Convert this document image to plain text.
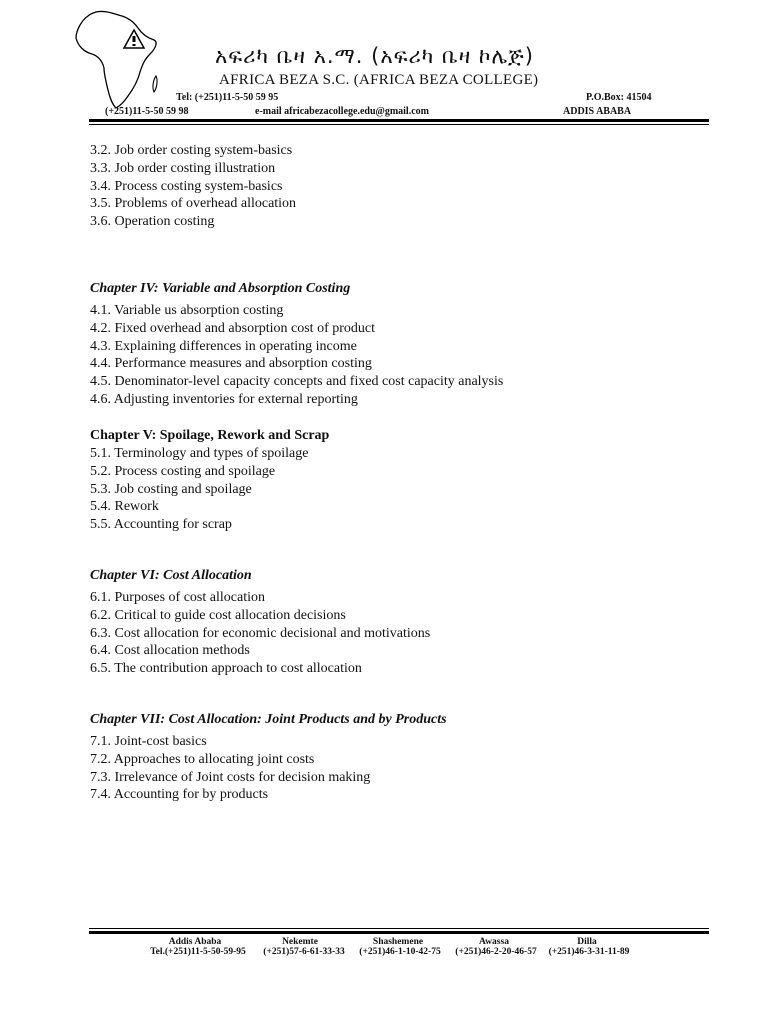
አፍሪካ ቤዛ አ.ማ. (አፍሪካ ቤዛ ኮሌጅ)
AFRICA BEZA S.C. (AFRICA BEZA COLLEGE)
Tel: (+251)11-5-50 59 95	P.O.Box: 41504
(+251)11-5-50 59 98	e-mail africabezacollege.edu@gmail.com	ADDIS ABABA
3.2. Job order costing system-basics
3.3. Job order costing illustration
3.4. Process costing system-basics
3.5. Problems of overhead allocation
3.6. Operation costing
Chapter IV: Variable and Absorption Costing
4.1. Variable us absorption costing
4.2. Fixed overhead and absorption cost of product
4.3. Explaining differences in operating income
4.4. Performance measures and absorption costing
4.5. Denominator-level capacity concepts and fixed cost capacity analysis
4.6. Adjusting inventories for external reporting
Chapter V: Spoilage, Rework and Scrap
5.1. Terminology and types of spoilage
5.2. Process costing and spoilage
5.3. Job costing and spoilage
5.4. Rework
5.5. Accounting for scrap
Chapter VI: Cost Allocation
6.1. Purposes of cost allocation
6.2. Critical to guide cost allocation decisions
6.3. Cost allocation for economic decisional and motivations
6.4. Cost allocation methods
6.5. The contribution approach to cost allocation
Chapter VII: Cost Allocation: Joint Products and by Products
7.1. Joint-cost basics
7.2. Approaches to allocating joint costs
7.3. Irrelevance of Joint costs for decision making
7.4. Accounting for by products
Addis Ababa	Nekemte	Shashemene	Awassa	Dilla
Tel.(+251)11-5-50-59-95	(+251)57-6-61-33-33	(+251)46-1-10-42-75	(+251)46-2-20-46-57	(+251)46-3-31-11-89
